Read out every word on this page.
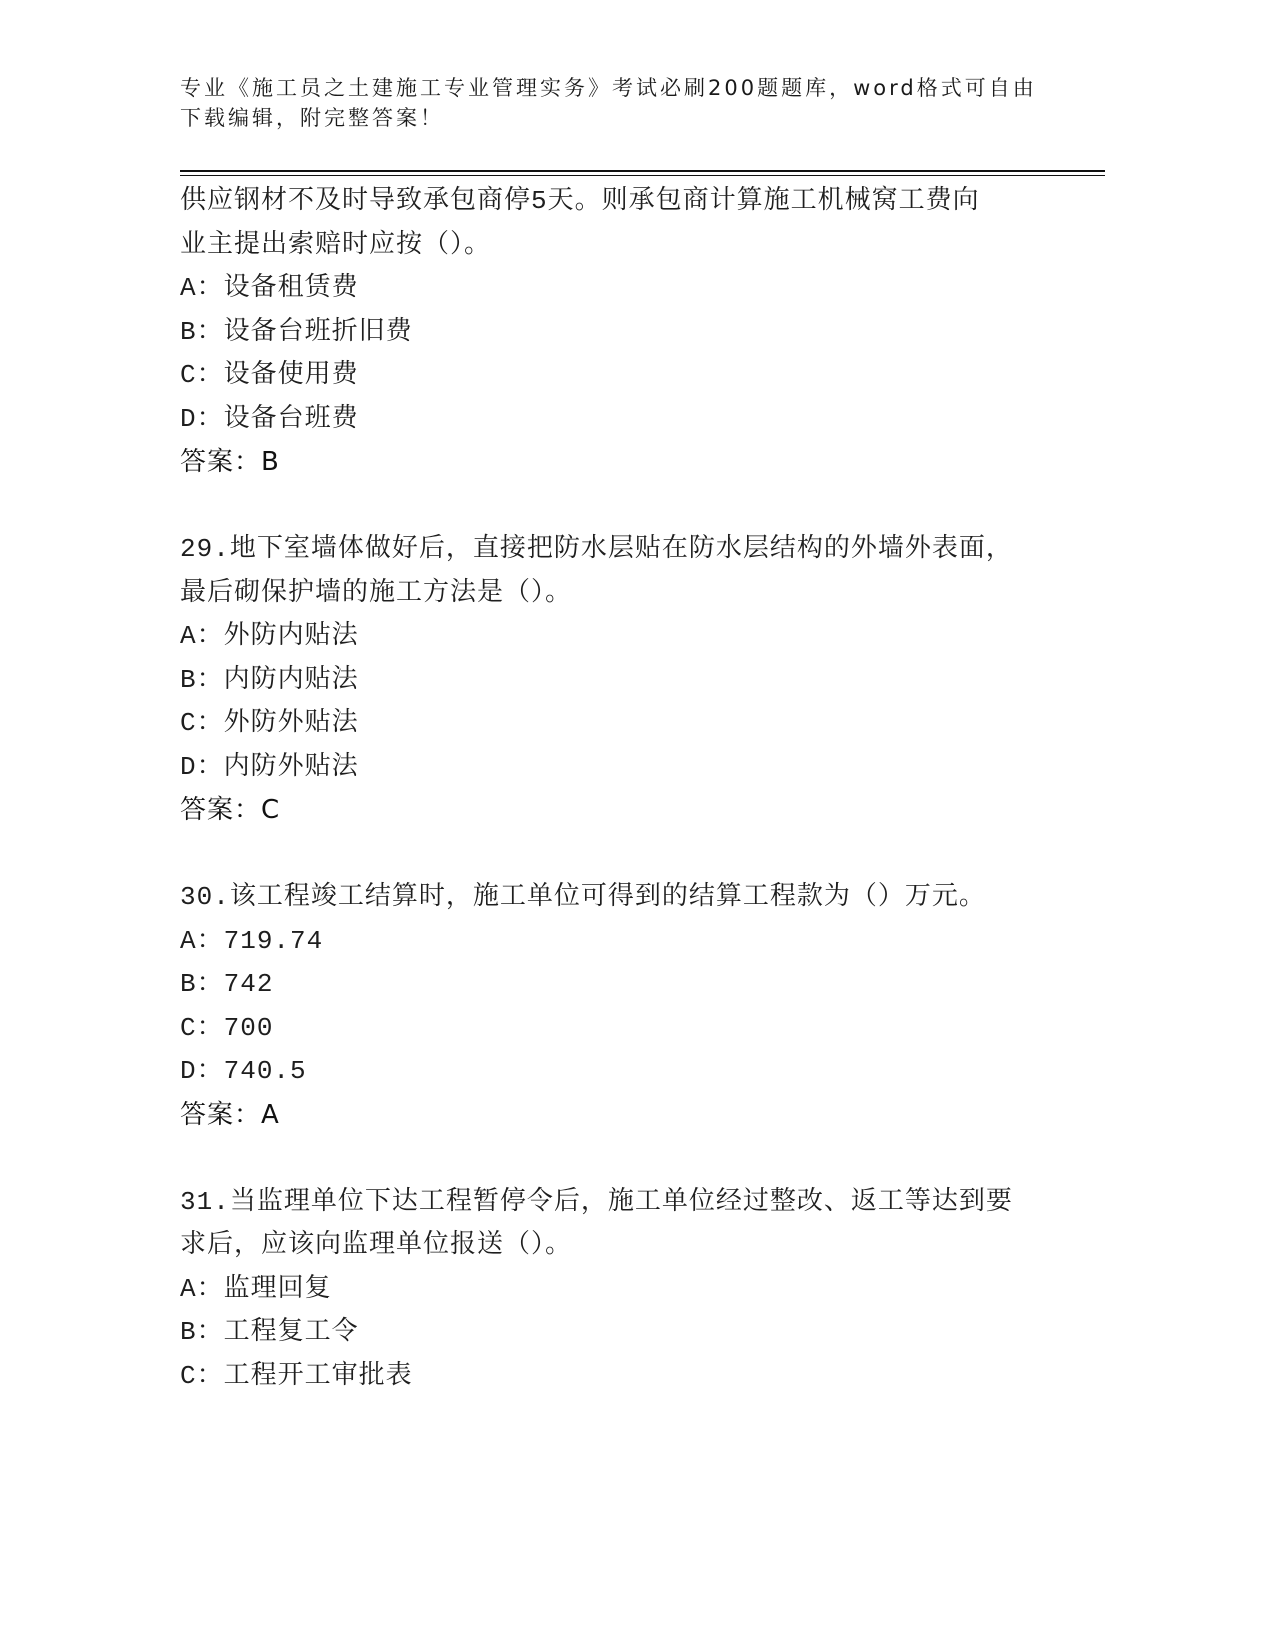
专业《施工员之土建施工专业管理实务》考试必刷200题题库，word格式可自由
下载编辑，附完整答案！
供应钢材不及时导致承包商停5天。则承包商计算施工机械窝工费向
业主提出索赔时应按（）。
A：设备租赁费
B：设备台班折旧费
C：设备使用费
D：设备台班费
答案：B
29.地下室墙体做好后，直接把防水层贴在防水层结构的外墙外表面，
最后砌保护墙的施工方法是（）。
A：外防内贴法
B：内防内贴法
C：外防外贴法
D：内防外贴法
答案：C
30.该工程竣工结算时，施工单位可得到的结算工程款为（）万元。
A：719.74
B：742
C：700
D：740.5
答案：A
31.当监理单位下达工程暂停令后，施工单位经过整改、返工等达到要
求后，应该向监理单位报送（）。
A：监理回复
B：工程复工令
C：工程开工审批表
